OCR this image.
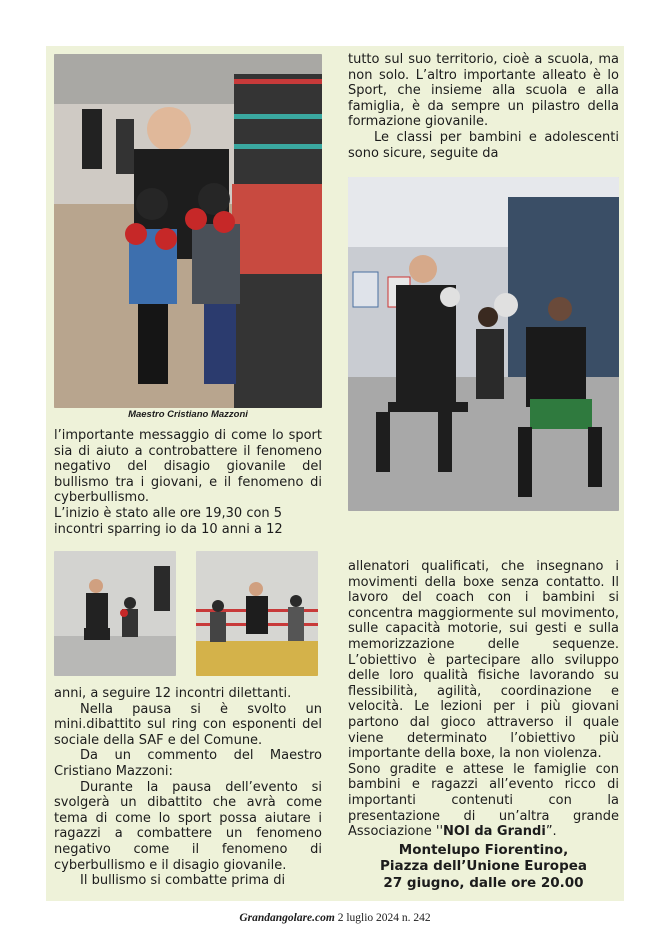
Maestro Cristiano Mazzoni

l’importante messaggio di come lo sport sia di aiuto a controbattere il fenomeno negativo del disagio giovanile del bullismo tra i giovani, e il fenomeno di cyberbullismo.

L’inizio è stato alle ore 19,30 con 5 incontri sparring io da 10 anni a 12

anni, a seguire 12 incontri dilettanti.

Nella pausa si è svolto un mini.dibattito sul ring con esponenti del sociale della SAF e del Comune.

Da un commento del Maestro Cristiano Mazzoni:

Durante la pausa dell’evento si svolgerà un dibattito che avrà come tema di come lo sport possa aiutare i ragazzi a combattere un fenomeno negativo come il fenomeno di cyberbullismo e il disagio giovanile.

Il bullismo si combatte prima di

tutto sul suo territorio, cioè a scuola, ma non solo. L’altro importante alleato è lo Sport, che insieme alla scuola e alla famiglia, è da sempre un pilastro della formazione giovanile.

Le classi per bambini e adolescenti sono sicure, seguite da

allenatori qualificati, che insegnano i movimenti della boxe senza contatto. Il lavoro del coach con i bambini si concentra maggiormente sul movimento, sulle capacità motorie, sui gesti e sulla memorizzazione delle sequenze. L’obiettivo è partecipare allo sviluppo delle loro qualità fisiche lavorando su flessibilità, agilità, coordinazione e velocità. Le lezioni per i più giovani partono dal gioco attraverso il quale viene determinato l’obiettivo più importante della boxe, la non violenza.

Sono gradite e attese le famiglie con bambini e ragazzi all’evento ricco di importanti contenuti con la presentazione di un’altra grande Associazione ''NOI da Grandi”.

Montelupo Fiorentino,
Piazza dell’Unione Europea
27 giugno, dalle ore 20.00
Grandangolare.com 2 luglio 2024 n. 242
